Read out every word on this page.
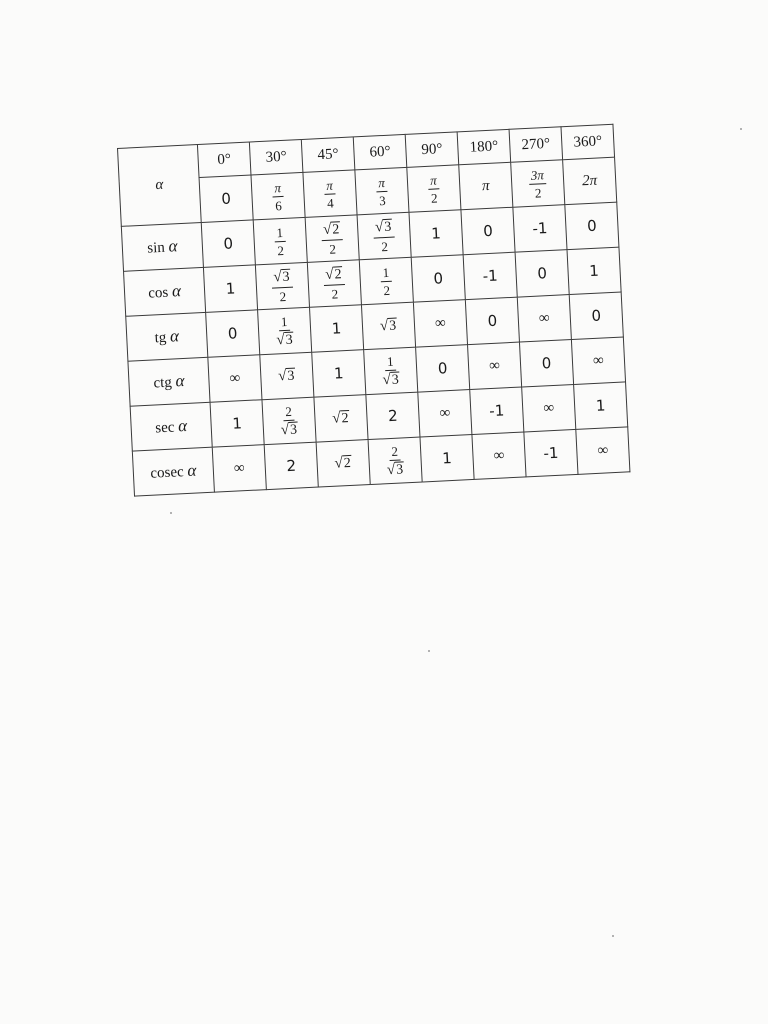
α	0°	30°	45°	60°	90°	180°	270°	360°
	0	$\frac{\pi}{6}$	$\frac{\pi}{4}$	$\frac{\pi}{3}$	$\frac{\pi}{2}$	π	$\frac{3\pi}{2}$	2π
sin α	0	$\frac{1}{2}$	$\frac{√2}{2}$	$\frac{√3}{2}$	1	0	-1	0
cos α	1	$\frac{√3}{2}$	$\frac{√2}{2}$	$\frac{1}{2}$	0	-1	0	1
tg α	0	$\frac{1}{√3}$	1	√3	∞	0	∞	0
ctg α	∞	√3	1	$\frac{1}{√3}$	0	∞	0	∞
sec α	1	$\frac{2}{√3}$	√2	2	∞	-1	∞	1
cosec α	∞	2	√2	$\frac{2}{√3}$	1	∞	-1	∞
